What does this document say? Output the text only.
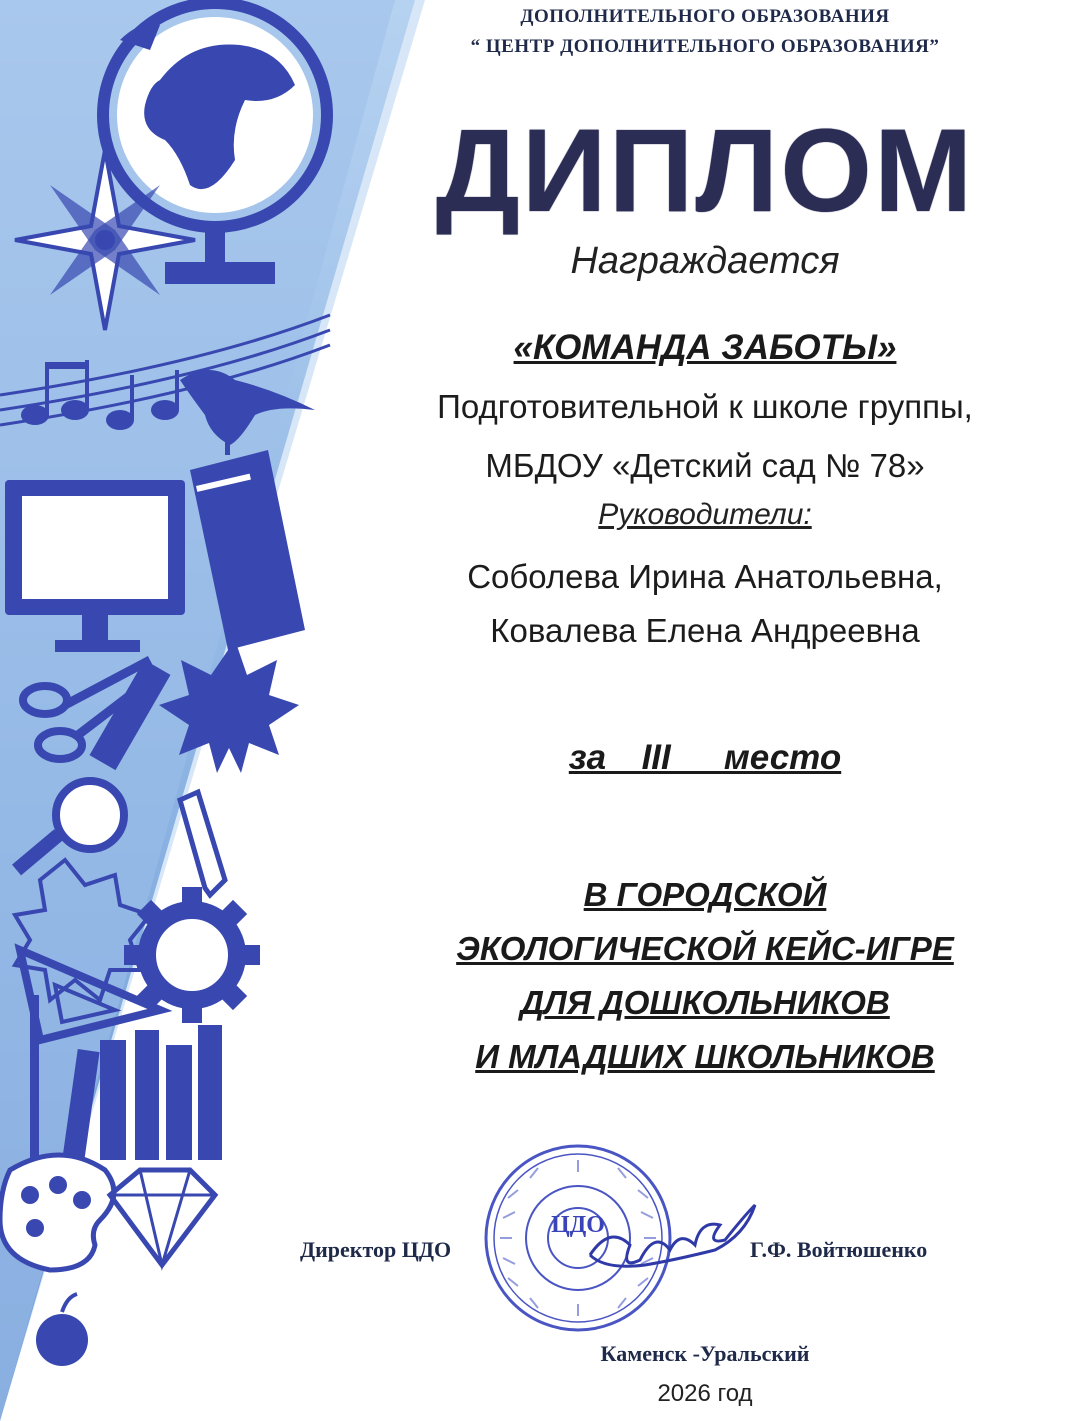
ЦДО
ДОПОЛНИТЕЛЬНОГО ОБРАЗОВАНИЯ
“ ЦЕНТР ДОПОЛНИТЕЛЬНОГО ОБРАЗОВАНИЯ”
ДИПЛОМ
Награждается
«КОМАНДА ЗАБОТЫ»
Подготовительной к школе группы,
МБДОУ «Детский сад № 78»
Руководители:
Соболева Ирина Анатольевна,
Ковалева Елена Андреевна
за  III   место
В ГОРОДСКОЙ
ЭКОЛОГИЧЕСКОЙ КЕЙС-ИГРЕ
ДЛЯ ДОШКОЛЬНИКОВ
И МЛАДШИХ ШКОЛЬНИКОВ
Директор ЦДО	Г.Ф. Войтюшенко
Каменск -Уральский
2026 год
